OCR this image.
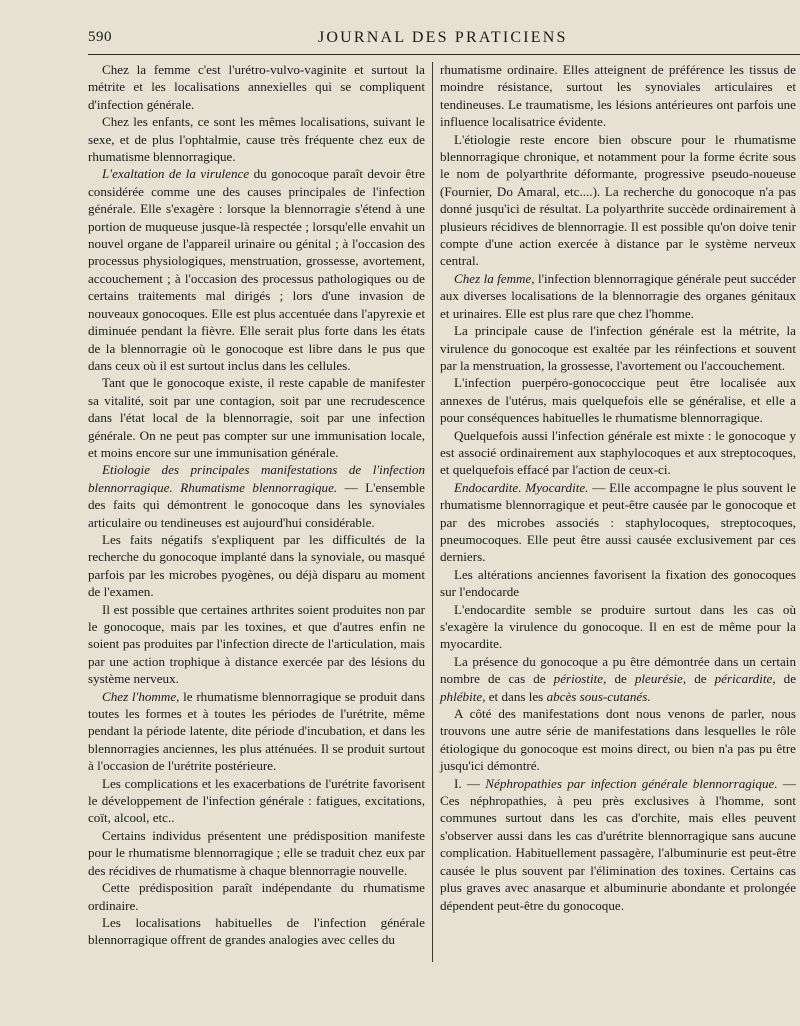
590	JOURNAL DES PRATICIENS

Chez la femme c'est l'urétro-vulvo-vaginite et surtout la métrite et les localisations annexielles qui se compliquent d'infection générale.

Chez les enfants, ce sont les mêmes localisations, suivant le sexe, et de plus l'ophtalmie, cause très fréquente chez eux de rhumatisme blennorragique.

L'exaltation de la virulence du gonocoque paraît devoir être considérée comme une des causes principales de l'infection générale. Elle s'exagère : lorsque la blennorragie s'étend à une portion de muqueuse jusque-là respectée ; lorsqu'elle envahit un nouvel organe de l'appareil urinaire ou génital ; à l'occasion des processus physiologiques, menstruation, grossesse, avortement, accouchement ; à l'occasion des processus pathologiques ou de certains traitements mal dirigés ; lors d'une invasion de nouveaux gonocoques. Elle est plus accentuée dans l'apyrexie et diminuée pendant la fièvre. Elle serait plus forte dans les états de la blennorragie où le gonocoque est libre dans le pus que dans ceux où il est surtout inclus dans les cellules.

Tant que le gonocoque existe, il reste capable de manifester sa vitalité, soit par une contagion, soit par une recrudescence dans l'état local de la blennorragie, soit par une infection générale. On ne peut pas compter sur une immunisation locale, et moins encore sur une immunisation générale.

Etiologie des principales manifestations de l'infection blennorragique. Rhumatisme blennorragique. — L'ensemble des faits qui démontrent le gonocoque dans les synoviales articulaire ou tendineuses est aujourd'hui considérable.

Les faits négatifs s'expliquent par les difficultés de la recherche du gonocoque implanté dans la synoviale, ou masqué parfois par les microbes pyogènes, ou déjà disparu au moment de l'examen.

Il est possible que certaines arthrites soient produites non par le gonocoque, mais par les toxines, et que d'autres enfin ne soient pas produites par l'infection directe de l'articulation, mais par une action trophique à distance exercée par des lésions du système nerveux.

Chez l'homme, le rhumatisme blennorragique se produit dans toutes les formes et à toutes les périodes de l'urétrite, même pendant la période latente, dite période d'incubation, et dans les blennorragies anciennes, les plus atténuées. Il se produit surtout à l'occasion de l'urétrite postérieure.

Les complications et les exacerbations de l'urétrite favorisent le développement de l'infection générale : fatigues, excitations, coït, alcool, etc..

Certains individus présentent une prédisposition manifeste pour le rhumatisme blennorragique ; elle se traduit chez eux par des récidives de rhumatisme à chaque blennorragie nouvelle.

Cette prédisposition paraît indépendante du rhumatisme ordinaire.

Les localisations habituelles de l'infection générale blennorragique offrent de grandes analogies avec celles du

rhumatisme ordinaire. Elles atteignent de préférence les tissus de moindre résistance, surtout les synoviales articulaires et tendineuses. Le traumatisme, les lésions antérieures ont parfois une influence localisatrice évidente.

L'étiologie reste encore bien obscure pour le rhumatisme blennorragique chronique, et notamment pour la forme écrite sous le nom de polyarthrite déformante, progressive pseudo-noueuse (Fournier, Do Amaral, etc....). La recherche du gonocoque n'a pas donné jusqu'ici de résultat. La polyarthrite succède ordinairement à plusieurs récidives de blennorragie. Il est possible qu'on doive tenir compte d'une action exercée à distance par le système nerveux central.

Chez la femme, l'infection blennorragique générale peut succéder aux diverses localisations de la blennorragie des organes génitaux et urinaires. Elle est plus rare que chez l'homme.

La principale cause de l'infection générale est la métrite, la virulence du gonocoque est exaltée par les réinfections et souvent par la menstruation, la grossesse, l'avortement ou l'accouchement.

L'infection puerpéro-gonococcique peut être localisée aux annexes de l'utérus, mais quelquefois elle se généralise, et elle a pour conséquences habituelles le rhumatisme blennorragique.

Quelquefois aussi l'infection générale est mixte : le gonocoque y est associé ordinairement aux staphylocoques et aux streptocoques, et quelquefois effacé par l'action de ceux-ci.

Endocardite. Myocardite. — Elle accompagne le plus souvent le rhumatisme blennorragique et peut-être causée par le gonocoque et par des microbes associés : staphylocoques, streptocoques, pneumocoques. Elle peut être aussi causée exclusivement par ces derniers.

Les altérations anciennes favorisent la fixation des gonocoques sur l'endocarde

L'endocardite semble se produire surtout dans les cas où s'exagère la virulence du gonocoque. Il en est de même pour la myocardite.

La présence du gonocoque a pu être démontrée dans un certain nombre de cas de périostite, de pleurésie, de péricardite, de phlébite, et dans les abcès sous-cutanés.

A côté des manifestations dont nous venons de parler, nous trouvons une autre série de manifestations dans lesquelles le rôle étiologique du gonocoque est moins direct, ou bien n'a pas pu être jusqu'ici démontré.

I. — Néphropathies par infection générale blennorragique. — Ces néphropathies, à peu près exclusives à l'homme, sont communes surtout dans les cas d'orchite, mais elles peuvent s'observer aussi dans les cas d'urétrite blennorragique sans aucune complication. Habituellement passagère, l'albuminurie est peut-être causée le plus souvent par l'élimination des toxines. Certains cas plus graves avec anasarque et albuminurie abondante et prolongée dépendent peut-être du gonocoque.
